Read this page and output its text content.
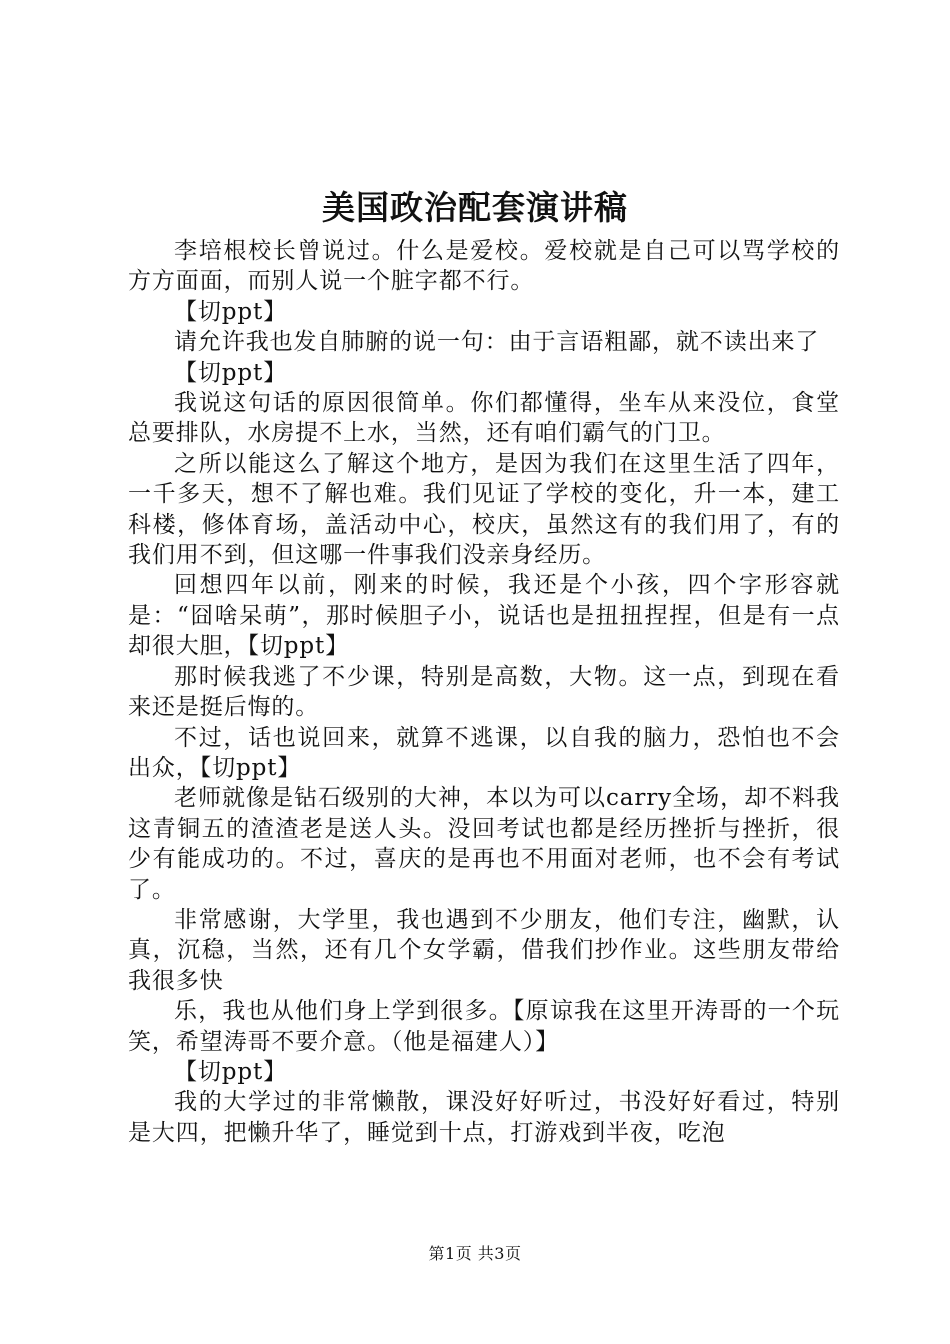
美国政治配套演讲稿

李培根校长曾说过。什么是爱校。爱校就是自己可以骂学校的方方面面，而别人说一个脏字都不行。

【切ppt】

请允许我也发自肺腑的说一句：由于言语粗鄙，就不读出来了

【切ppt】

我说这句话的原因很简单。你们都懂得，坐车从来没位，食堂总要排队，水房提不上水，当然，还有咱们霸气的门卫。

之所以能这么了解这个地方，是因为我们在这里生活了四年，一千多天，想不了解也难。我们见证了学校的变化，升一本，建工科楼，修体育场，盖活动中心，校庆，虽然这有的我们用了，有的我们用不到，但这哪一件事我们没亲身经历。

回想四年以前，刚来的时候，我还是个小孩，四个字形容就是：“囧啥呆萌”，那时候胆子小，说话也是扭扭捏捏，但是有一点却很大胆，【切ppt】

那时候我逃了不少课，特别是高数，大物。这一点，到现在看来还是挺后悔的。

不过，话也说回来，就算不逃课，以自我的脑力，恐怕也不会出众，【切ppt】

老师就像是钻石级别的大神，本以为可以carry全场，却不料我这青铜五的渣渣老是送人头。没回考试也都是经历挫折与挫折，很少有能成功的。不过，喜庆的是再也不用面对老师，也不会有考试了。

非常感谢，大学里，我也遇到不少朋友，他们专注，幽默，认真，沉稳，当然，还有几个女学霸，借我们抄作业。这些朋友带给我很多快

乐，我也从他们身上学到很多。【原谅我在这里开涛哥的一个玩笑，希望涛哥不要介意。（他是福建人）】

【切ppt】

我的大学过的非常懒散，课没好好听过，书没好好看过，特别是大四，把懒升华了，睡觉到十点，打游戏到半夜，吃泡

第1页 共3页
